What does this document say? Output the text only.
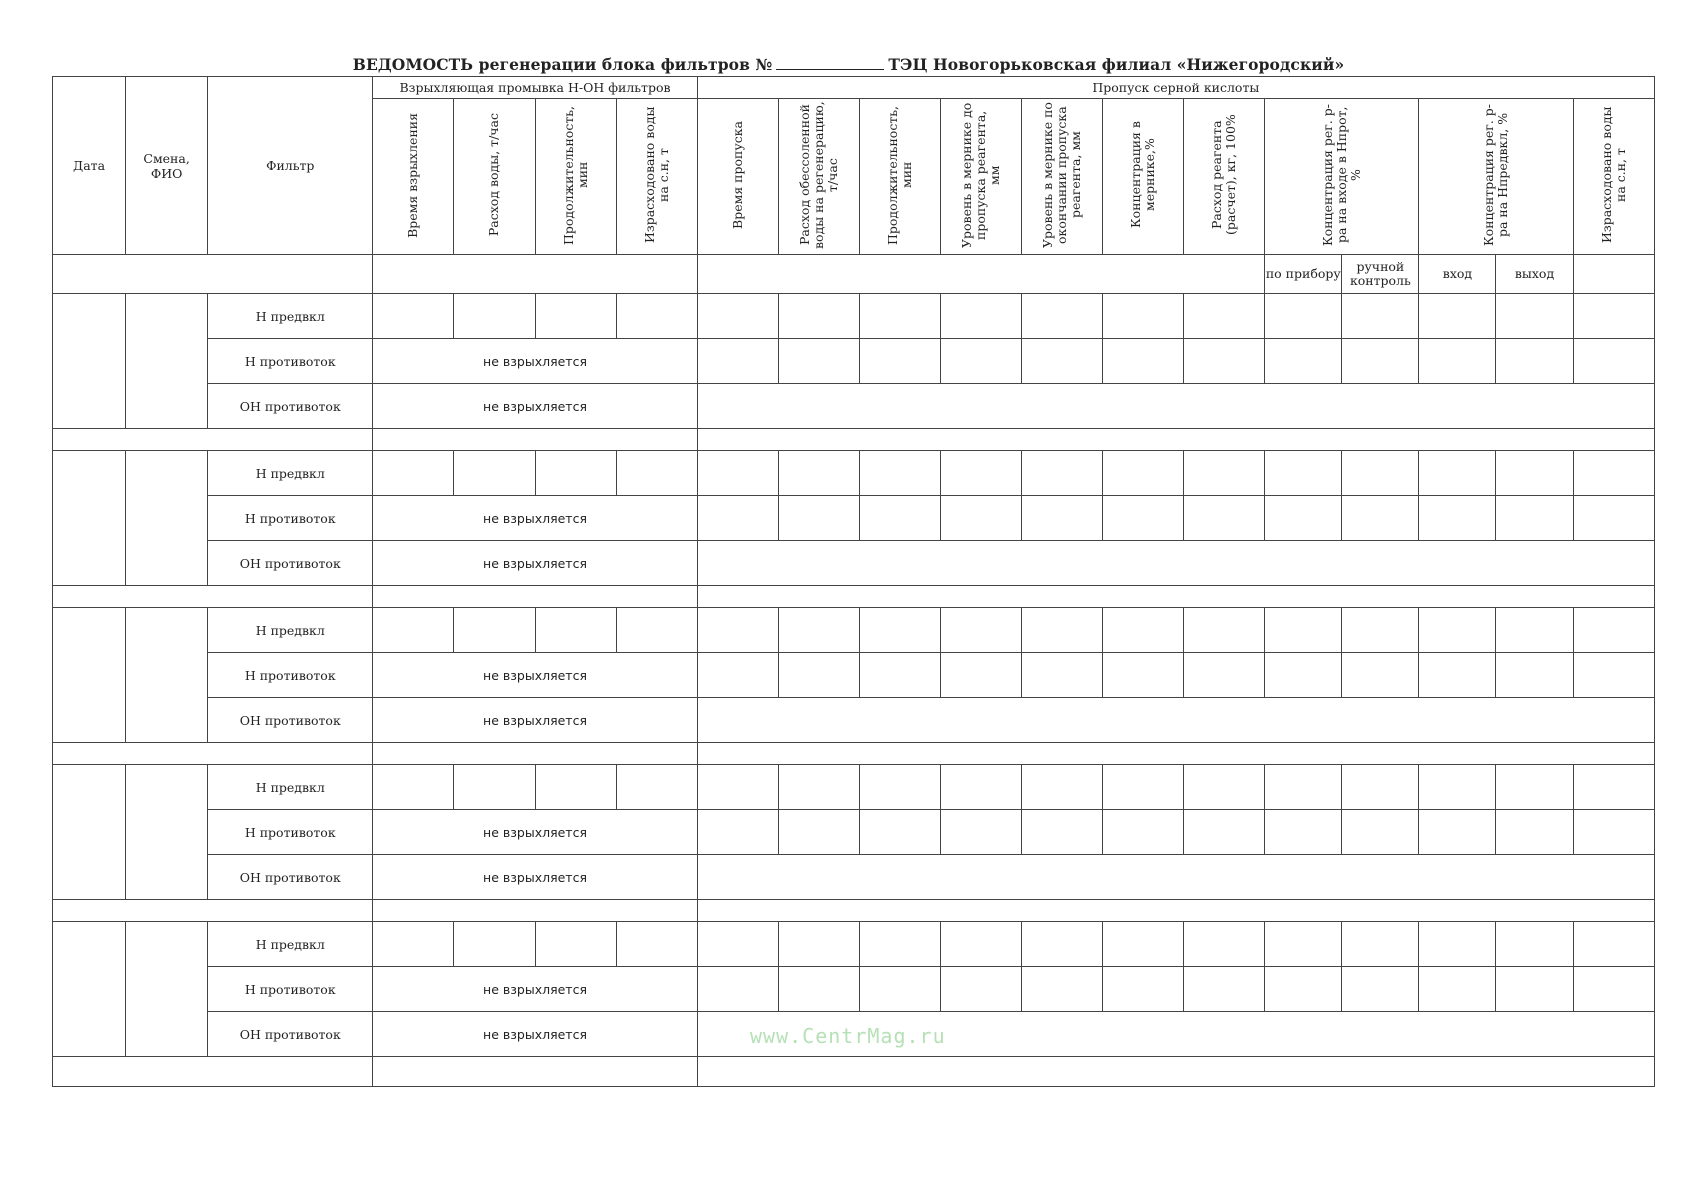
ВЕДОМОСТЬ регенерации блока фильтров №	ТЭЦ Новогорьковская филиал «Нижегородский»
Дата	Смена, ФИО	Фильтр	Взрыхляющая промывка Н-ОН фильтров				Пропуск серной кислоты											
			Время взрыхления	Расход воды, т/час	Продолжительность, мин	Израсходовано воды на с.н, т	Время пропуска	Расход обессоленной воды на регенерацию, т/час	Продолжительность, мин	Уровень в мернике до пропуска реагента, мм	Уровень в мернике по окончании пропуска реагента, мм	Концентрация в мернике,%	Расход реагента (расчет), кг, 100%	Концентрация рег. р-ра на входе в Нпрот, %		Концентрация рег. р-ра на Нпредвкл, %		Израсходовано воды на с.н, т
														по прибору	ручной контроль	вход	выход	
		Н предвкл																
		Н противоток	не взрыхляется															
		ОН противоток	не взрыхляется															

		Н предвкл																
		Н противоток	не взрыхляется															
		ОН противоток	не взрыхляется															

		Н предвкл																
		Н противоток	не взрыхляется															
		ОН противоток	не взрыхляется															

		Н предвкл																
		Н противоток	не взрыхляется															
		ОН противоток	не взрыхляется															

		Н предвкл																
		Н противоток	не взрыхляется															
		ОН противоток	не взрыхляется															
			www.CentrMag.ru
